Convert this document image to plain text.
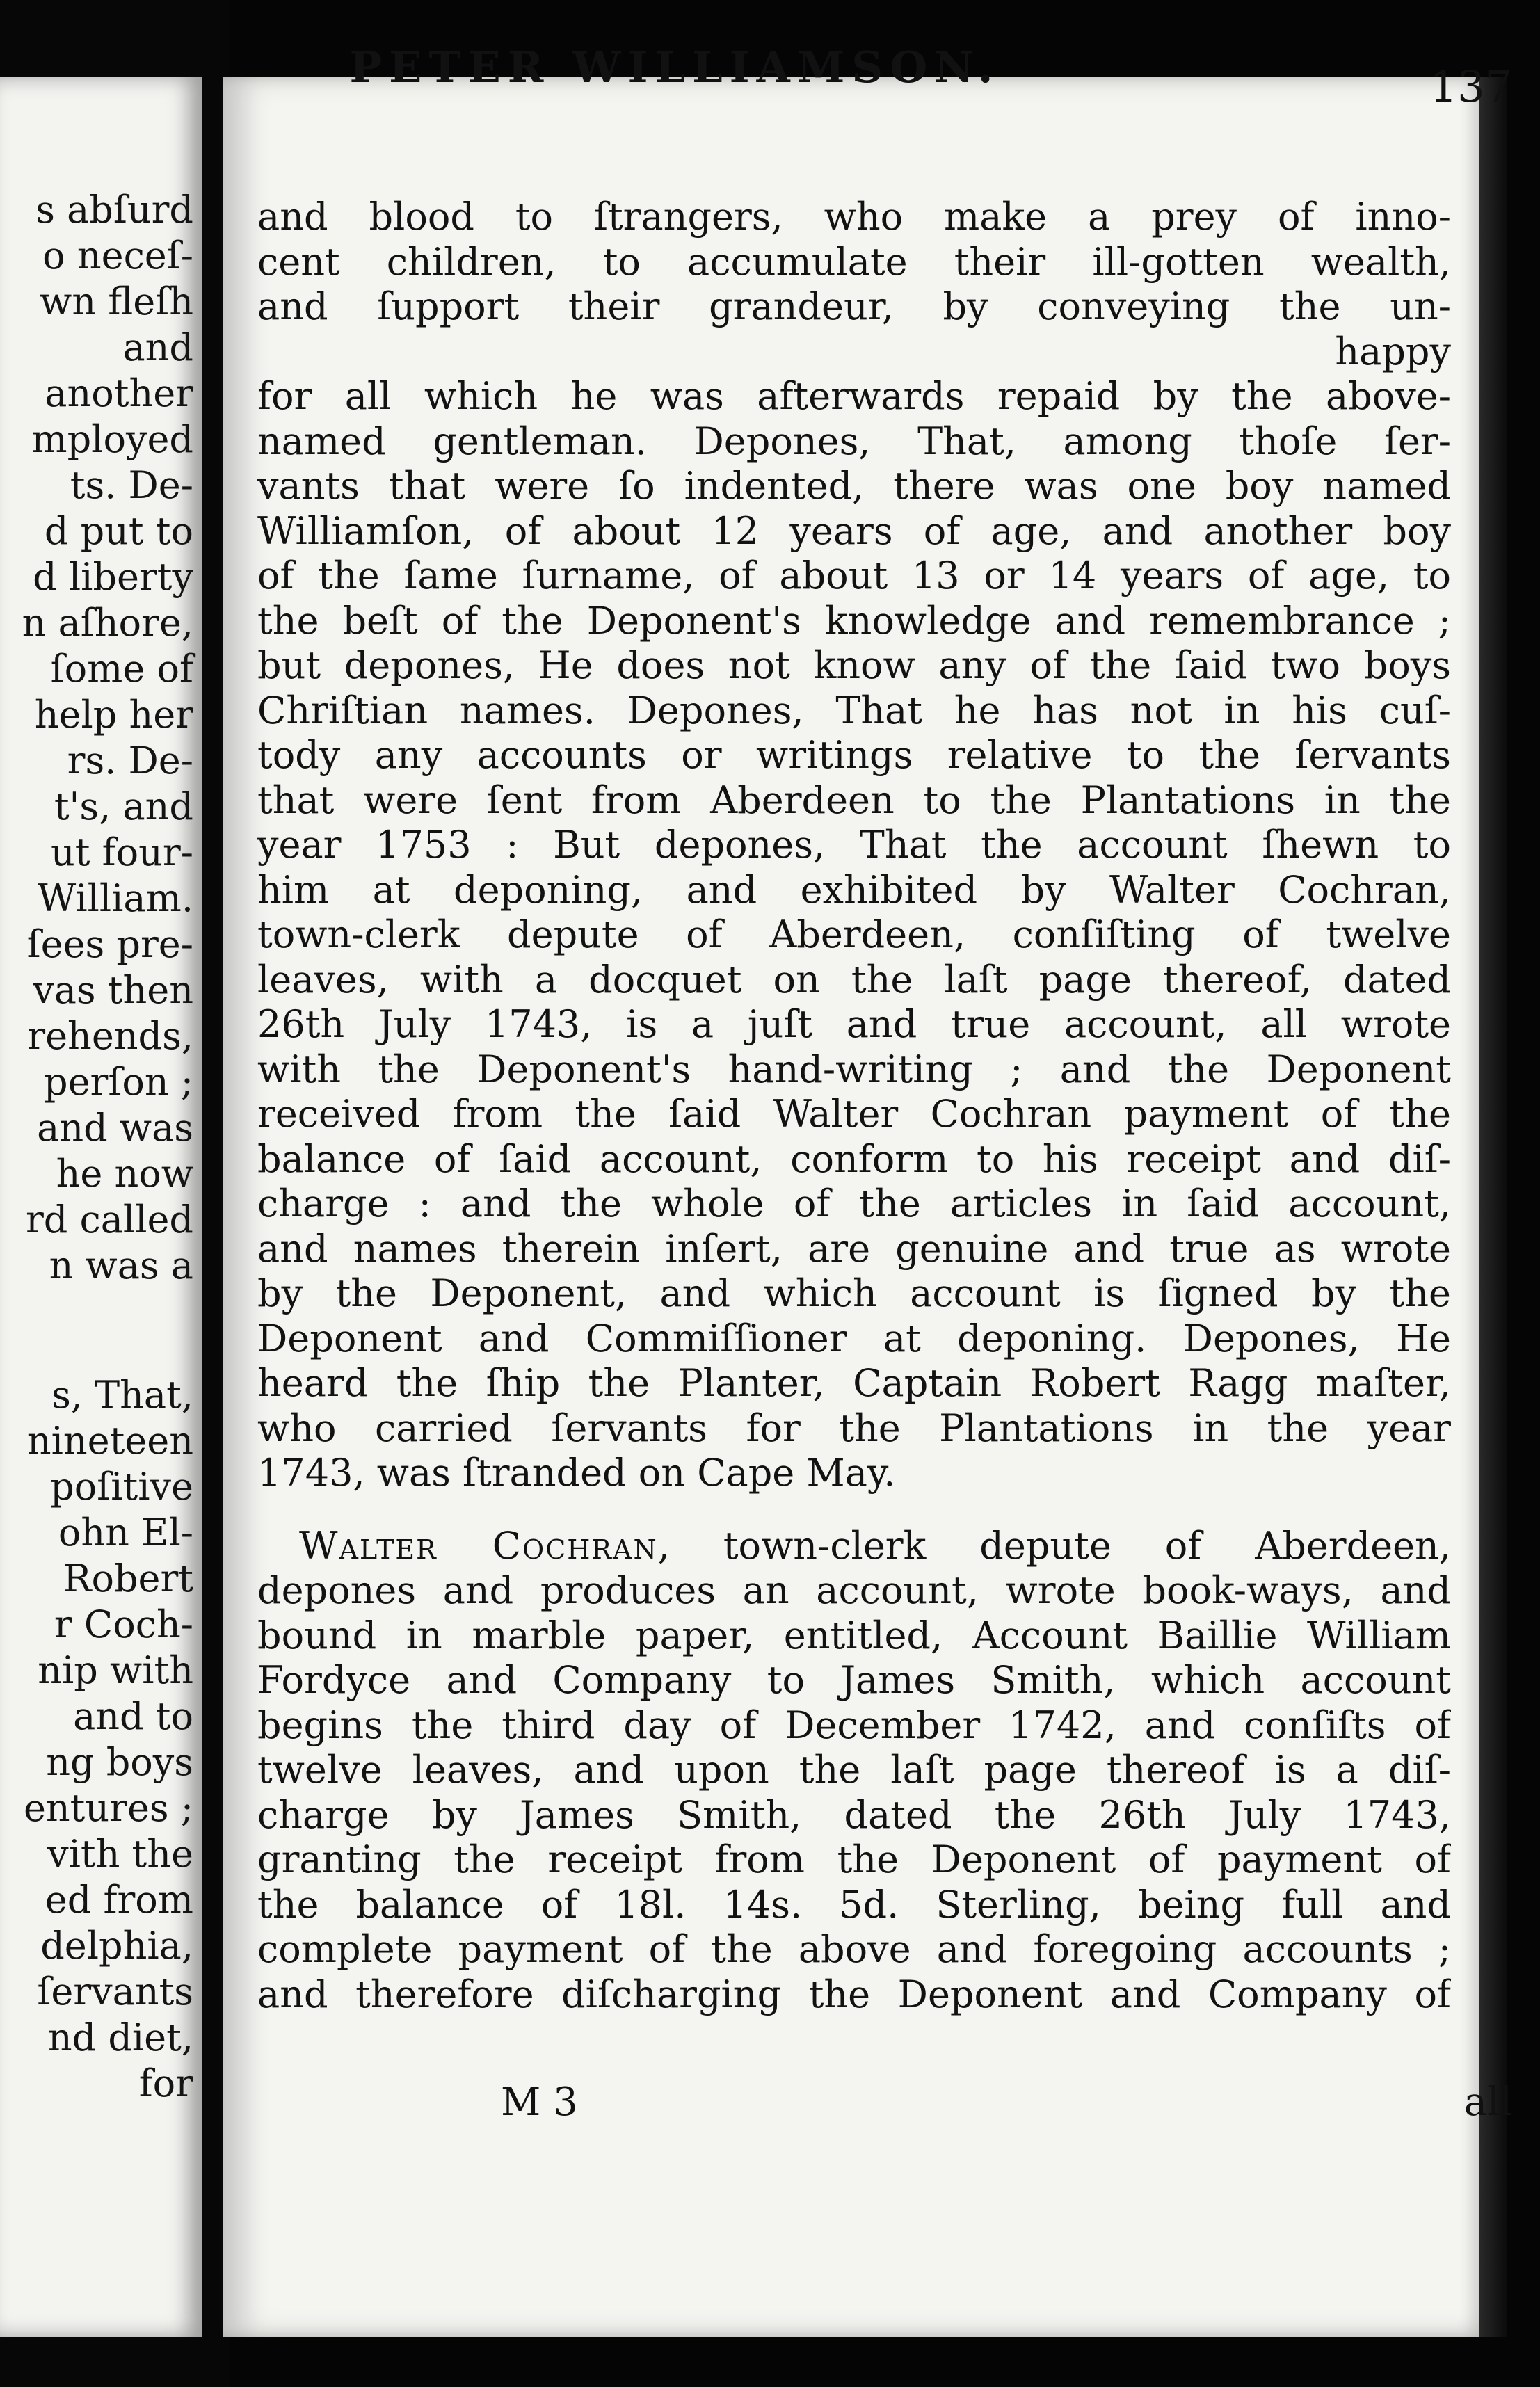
s abſurd
o neceſ-
wn fleſh
and
another
mployed
ts. De-
d put to
d liberty
n aſhore,
ſome of
help her
rs. De-
t's, and
ut four-
William.
ſees pre-
vas then
rehends,
perſon ;
and was
he now
rd called
n was a
s, That,
nineteen
poſitive
ohn El-
Robert
r Coch-
nip with
and to
ng boys
entures ;
vith the
ed from
delphia,
ſervants
nd diet,
for
and blood to ſtrangers, who make a prey of inno-
cent children, to accumulate their ill-gotten wealth,
and ſupport their grandeur, by conveying the un-
happy
for all which he was afterwards repaid by the above-
named gentleman. Depones, That, among thoſe ſer-
vants that were ſo indented, there was one boy named
Williamſon, of about 12 years of age, and another boy
of the ſame ſurname, of about 13 or 14 years of age, to
the beſt of the Deponent's knowledge and remembrance ;
but depones, He does not know any of the ſaid two boys
Chriſtian names. Depones, That he has not in his cuſ-
tody any accounts or writings relative to the ſervants
that were ſent from Aberdeen to the Plantations in the
year 1753 : But depones, That the account ſhewn to
him at deponing, and exhibited by Walter Cochran,
town-clerk depute of Aberdeen, conſiſting of twelve
leaves, with a docquet on the laſt page thereof, dated
26th July 1743, is a juſt and true account, all wrote
with the Deponent's hand-writing ; and the Deponent
received from the ſaid Walter Cochran payment of the
balance of ſaid account, conform to his receipt and diſ-
charge : and the whole of the articles in ſaid account,
and names therein inſert, are genuine and true as wrote
by the Deponent, and which account is ſigned by the
Deponent and Commiſſioner at deponing. Depones, He
heard the ſhip the Planter, Captain Robert Ragg maſter,
who carried ſervants for the Plantations in the year
1743, was ſtranded on Cape May.
Walter Cochran, town-clerk depute of Aberdeen,
depones and produces an account, wrote book-ways, and
bound in marble paper, entitled, Account Baillie William
Fordyce and Company to James Smith, which account
begins the third day of December 1742, and conſiſts of
twelve leaves, and upon the laſt page thereof is a diſ-
charge by James Smith, dated the 26th July 1743,
granting the receipt from the Deponent of payment of
the balance of 18l. 14s. 5d. Sterling, being full and
complete payment of the above and foregoing accounts ;
and therefore diſcharging the Deponent and Company of
PETER WILLIAMSON.	137
M 3	all
